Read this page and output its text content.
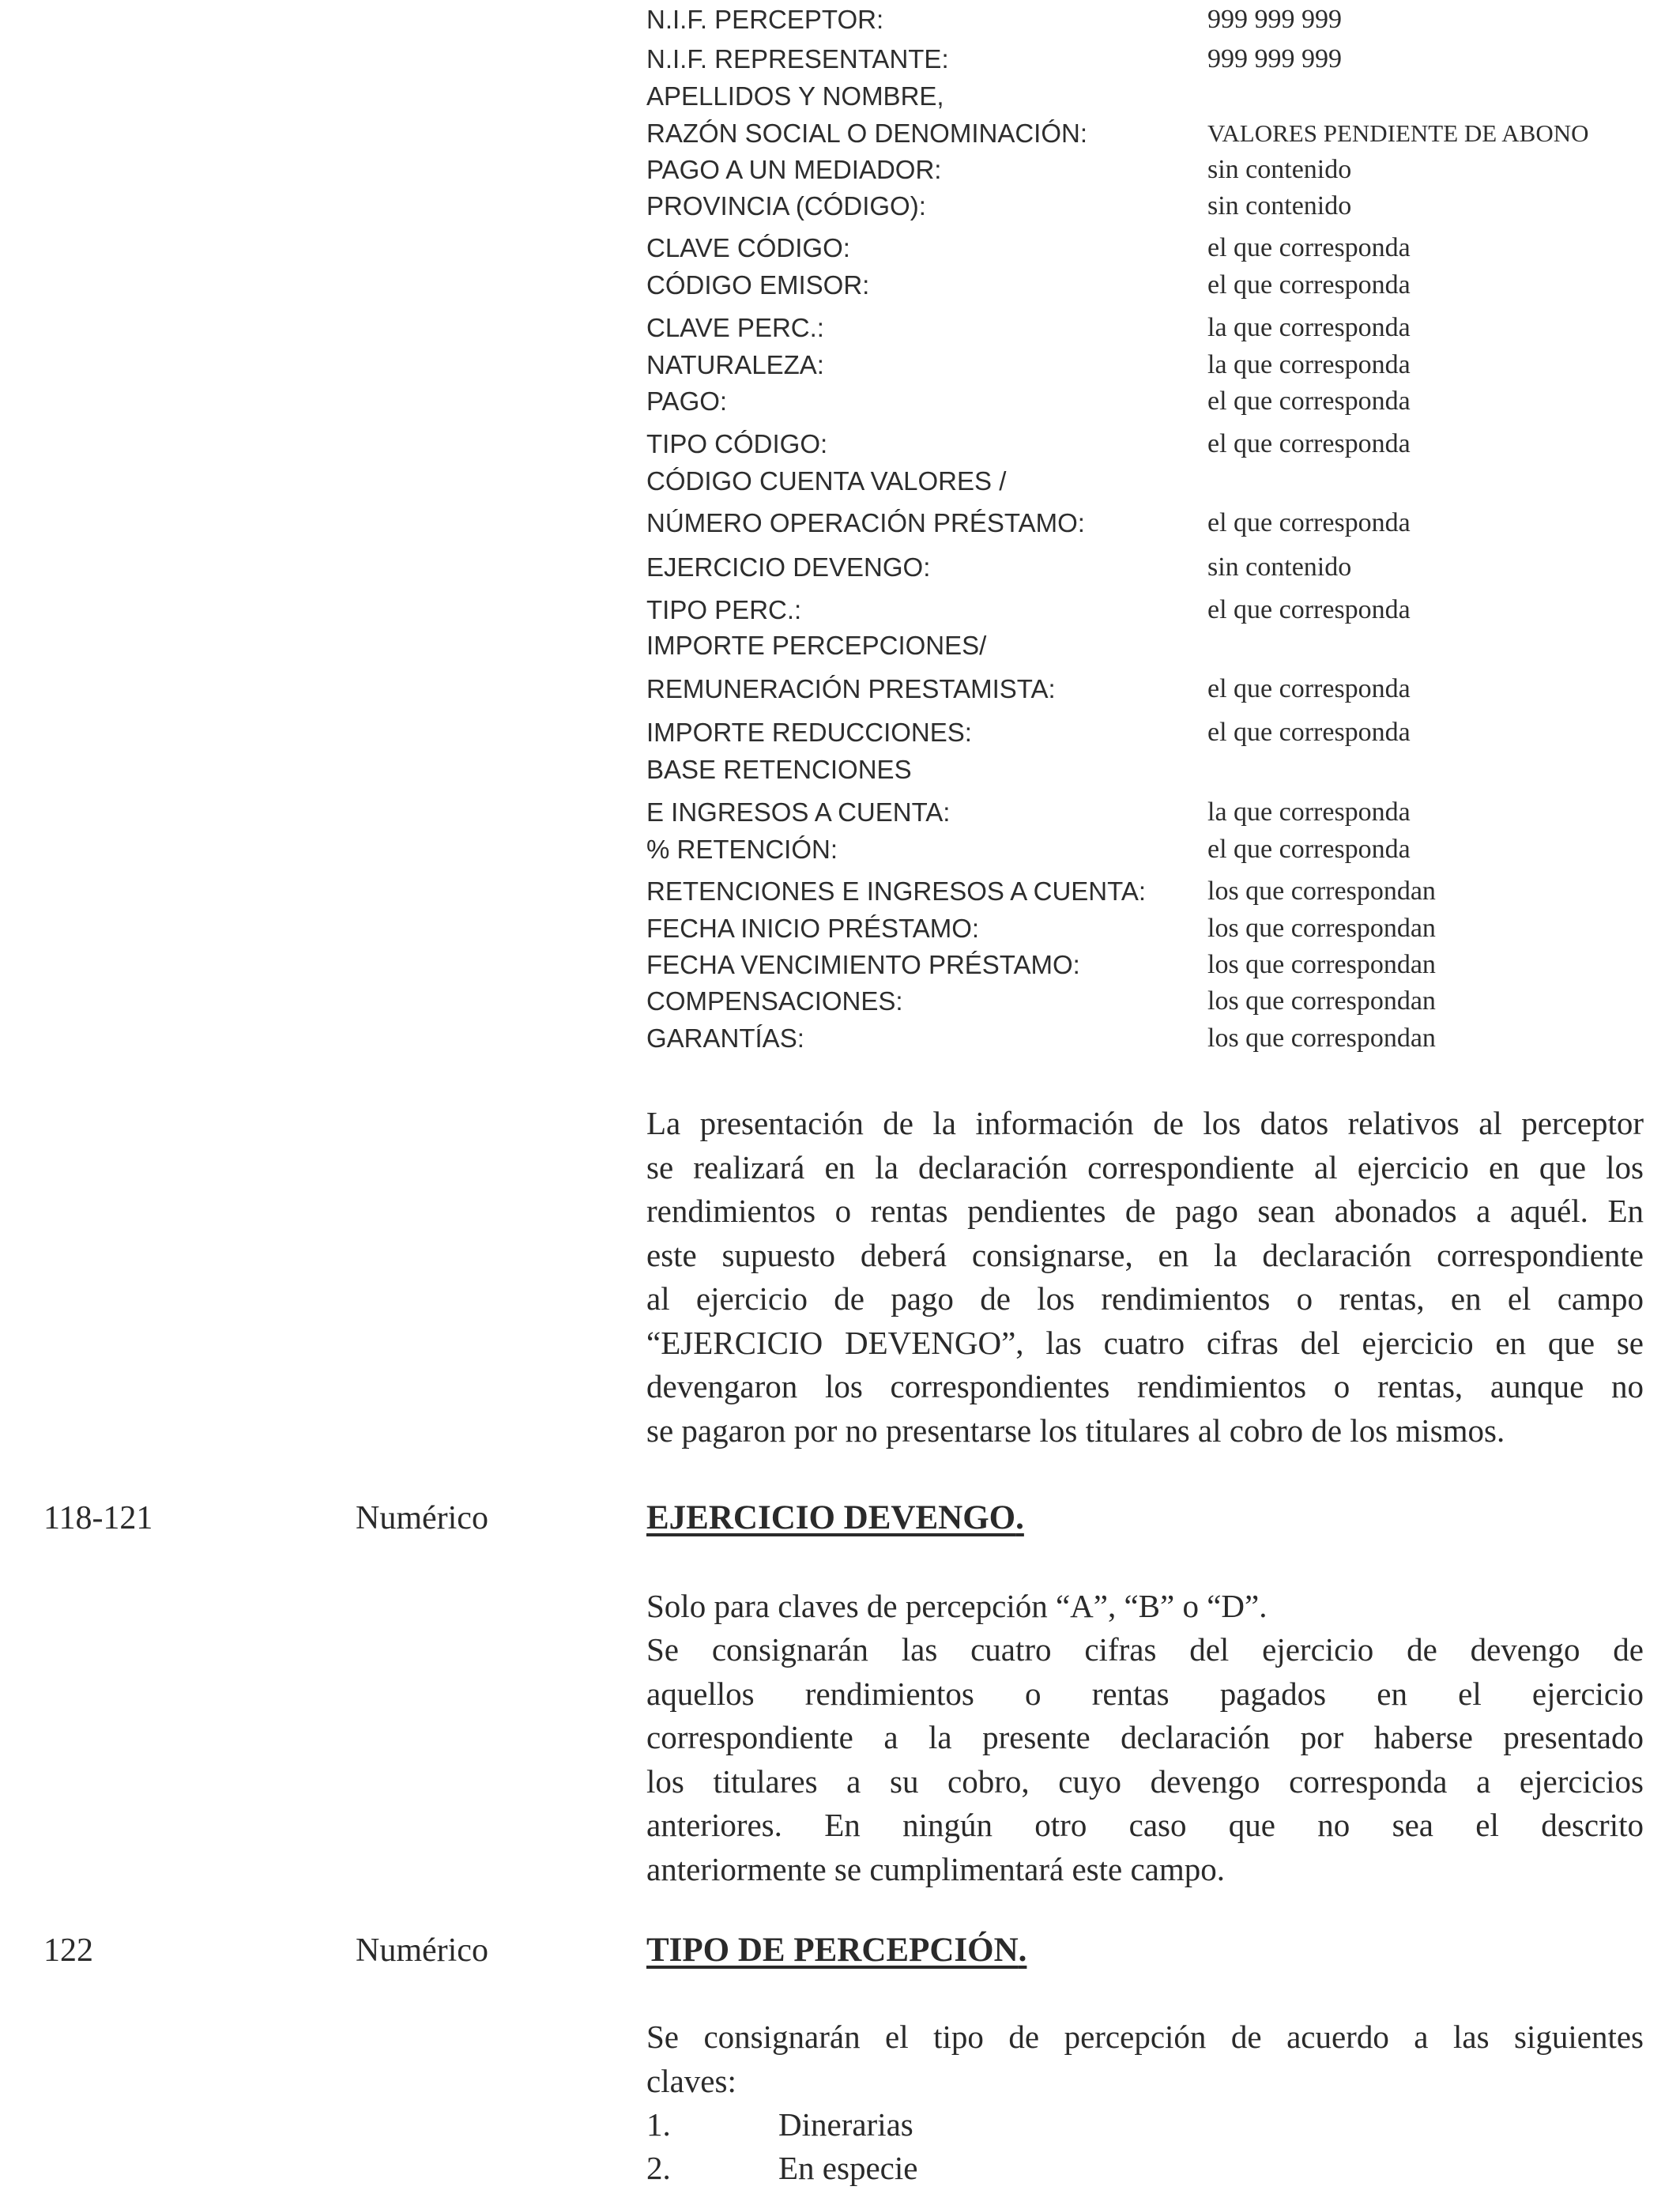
N.I.F. PERCEPTOR:	999 999 999
N.I.F. REPRESENTANTE:	999 999 999
APELLIDOS Y NOMBRE,
RAZÓN SOCIAL O DENOMINACIÓN:	VALORES PENDIENTE DE ABONO
PAGO A UN MEDIADOR:	sin contenido
PROVINCIA (CÓDIGO):	sin contenido
CLAVE CÓDIGO:	el que corresponda
CÓDIGO EMISOR:	el que corresponda
CLAVE PERC.:	la que corresponda
NATURALEZA:	la que corresponda
PAGO:	el que corresponda
TIPO CÓDIGO:	el que corresponda
CÓDIGO CUENTA VALORES /
NÚMERO OPERACIÓN PRÉSTAMO:	el que corresponda
EJERCICIO DEVENGO:	sin contenido
TIPO PERC.:	el que corresponda
IMPORTE PERCEPCIONES/
REMUNERACIÓN PRESTAMISTA:	el que corresponda
IMPORTE REDUCCIONES:	el que corresponda
BASE RETENCIONES
E INGRESOS A CUENTA:	la que corresponda
% RETENCIÓN:	el que corresponda
RETENCIONES E INGRESOS A CUENTA: los que correspondan
FECHA INICIO PRÉSTAMO:	los que correspondan
FECHA VENCIMIENTO PRÉSTAMO:	los que correspondan
COMPENSACIONES:	los que correspondan
GARANTÍAS:	los que correspondan
La presentación de la información de los datos relativos al perceptor
se realizará en la declaración correspondiente al ejercicio en que los
rendimientos o rentas pendientes de pago sean abonados a aquél. En
este supuesto deberá consignarse, en la declaración correspondiente
al ejercicio de pago de los rendimientos o rentas, en el campo
“EJERCICIO DEVENGO”, las cuatro cifras del ejercicio en que se
devengaron los correspondientes rendimientos o rentas, aunque no
se pagaron por no presentarse los titulares al cobro de los mismos.
118-121	Numérico	EJERCICIO DEVENGO.
Solo para claves de percepción “A”, “B” o “D”.
Se consignarán las cuatro cifras del ejercicio de devengo de
aquellos rendimientos o rentas pagados en el ejercicio
correspondiente a la presente declaración por haberse presentado
los titulares a su cobro, cuyo devengo corresponda a ejercicios
anteriores. En ningún otro caso que no sea el descrito
anteriormente se cumplimentará este campo.
122	Numérico	TIPO DE PERCEPCIÓN.
Se consignarán el tipo de percepción de acuerdo a las siguientes
claves:
1.	Dinerarias
2.	En especie
